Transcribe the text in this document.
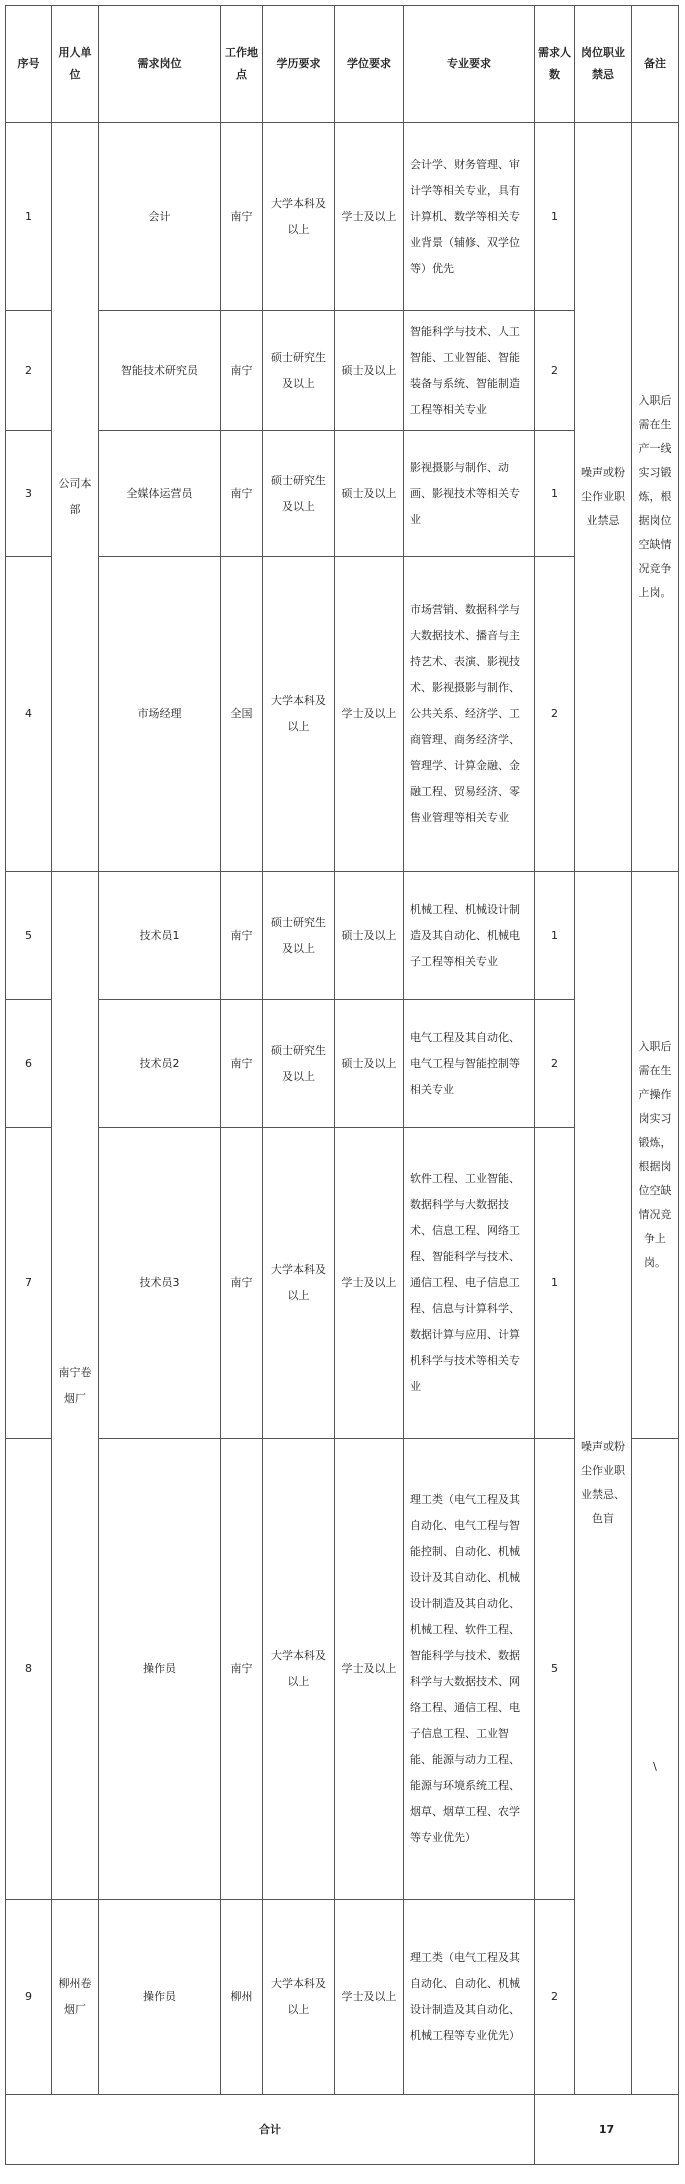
序号	用人单位	需求岗位	工作地点	学历要求	学位要求	专业要求	需求人数	岗位职业禁忌	备注
1	公司本部	会计	南宁	大学本科及以上	学士及以上	会计学、财务管理、审计学等相关专业，具有计算机、数学等相关专业背景（辅修、双学位等）优先	1	噪声或粉尘作业职业禁忌	入职后需在生产一线实习锻炼，根据岗位空缺情况竞争上岗。
2		智能技术研究员	南宁	硕士研究生及以上	硕士及以上	智能科学与技术、人工智能、工业智能、智能装备与系统、智能制造工程等相关专业	2		
3		全媒体运营员	南宁	硕士研究生及以上	硕士及以上	影视摄影与制作、动画、影视技术等相关专业	1		
4		市场经理	全国	大学本科及以上	学士及以上	市场营销、数据科学与大数据技术、播音与主持艺术、表演、影视技术、影视摄影与制作、公共关系、经济学、工商管理、商务经济学、管理学、计算金融、金融工程、贸易经济、零售业管理等相关专业	2		
5	南宁卷烟厂	技术员1	南宁	硕士研究生及以上	硕士及以上	机械工程、机械设计制造及其自动化、机械电子工程等相关专业	1	噪声或粉尘作业职业禁忌、色盲	入职后需在生产操作岗实习锻炼，根据岗位空缺情况竞争上岗。
6		技术员2	南宁	硕士研究生及以上	硕士及以上	电气工程及其自动化、电气工程与智能控制等相关专业	2		
7		技术员3	南宁	大学本科及以上	学士及以上	软件工程、工业智能、数据科学与大数据技术、信息工程、网络工程、智能科学与技术、通信工程、电子信息工程、信息与计算科学、数据计算与应用、计算机科学与技术等相关专业	1		
8		操作员	南宁	大学本科及以上	学士及以上	理工类（电气工程及其自动化、电气工程与智能控制、自动化、机械设计及其自动化、机械设计制造及其自动化、机械工程、软件工程、智能科学与技术、数据科学与大数据技术、网络工程、通信工程、电子信息工程、工业智能、能源与动力工程、能源与环境系统工程、烟草、烟草工程、农学等专业优先）	5		\
9	柳州卷烟厂	操作员	柳州	大学本科及以上	学士及以上	理工类（电气工程及其自动化、自动化、机械设计制造及其自动化、机械工程等专业优先）	2		
合计							17		
